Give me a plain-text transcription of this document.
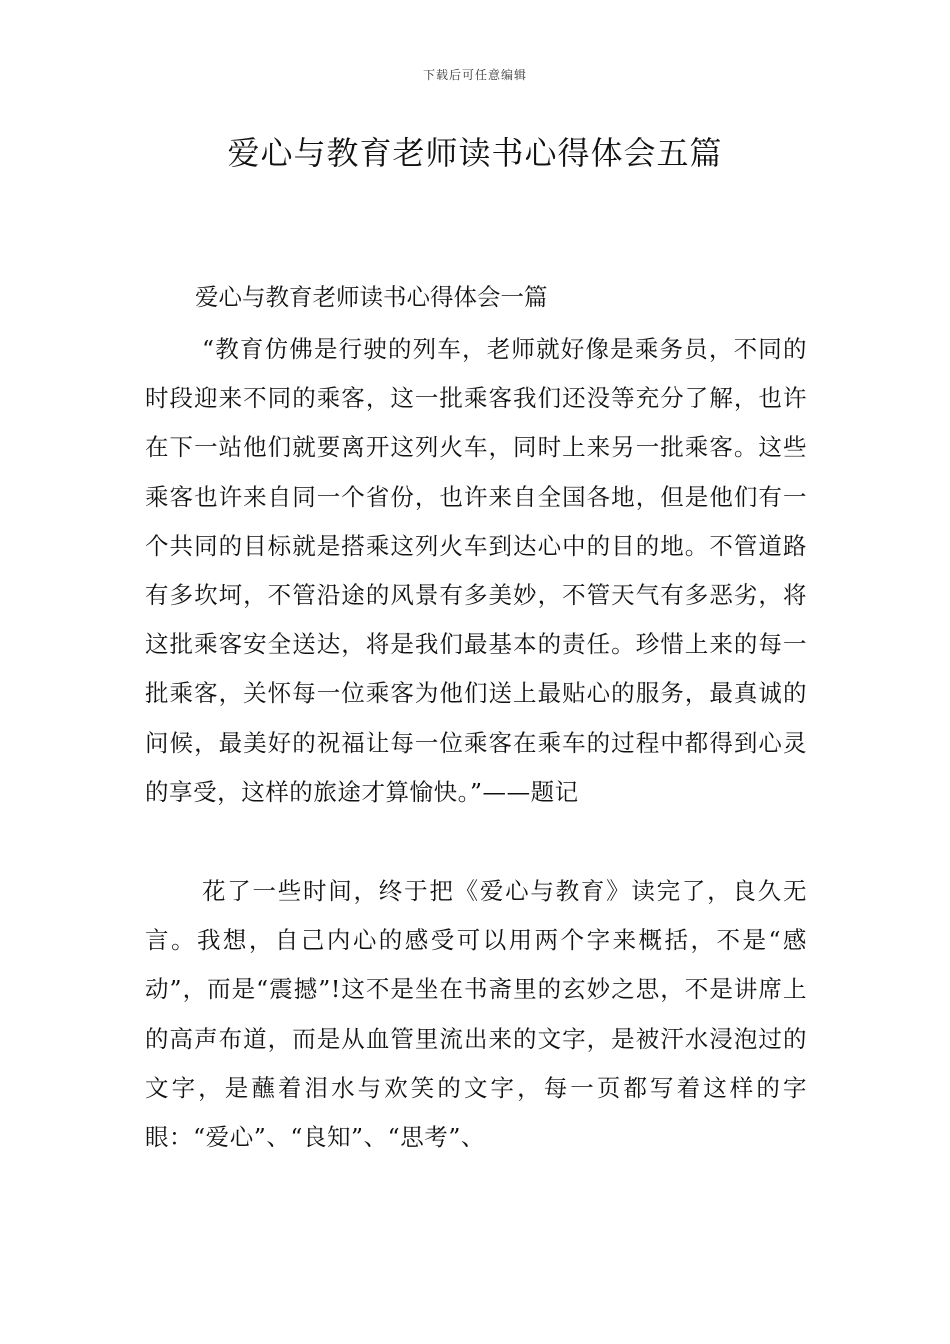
下载后可任意编辑
爱心与教育老师读书心得体会五篇

爱心与教育老师读书心得体会一篇

“教育仿佛是行驶的列车，老师就好像是乘务员，不同的时段迎来不同的乘客，这一批乘客我们还没等充分了解，也许在下一站他们就要离开这列火车，同时上来另一批乘客。这些乘客也许来自同一个省份，也许来自全国各地，但是他们有一个共同的目标就是搭乘这列火车到达心中的目的地。不管道路有多坎坷，不管沿途的风景有多美妙，不管天气有多恶劣，将这批乘客安全送达，将是我们最基本的责任。珍惜上来的每一批乘客，关怀每一位乘客为他们送上最贴心的服务，最真诚的问候，最美好的祝福让每一位乘客在乘车的过程中都得到心灵的享受，这样的旅途才算愉快。”——题记

花了一些时间，终于把《爱心与教育》读完了，良久无言。我想，自己内心的感受可以用两个字来概括，不是“感动”，而是“震撼”!这不是坐在书斋里的玄妙之思，不是讲席上的高声布道，而是从血管里流出来的文字，是被汗水浸泡过的文字，是蘸着泪水与欢笑的文字，每一页都写着这样的字眼：“爱心”、“良知”、“思考”、
